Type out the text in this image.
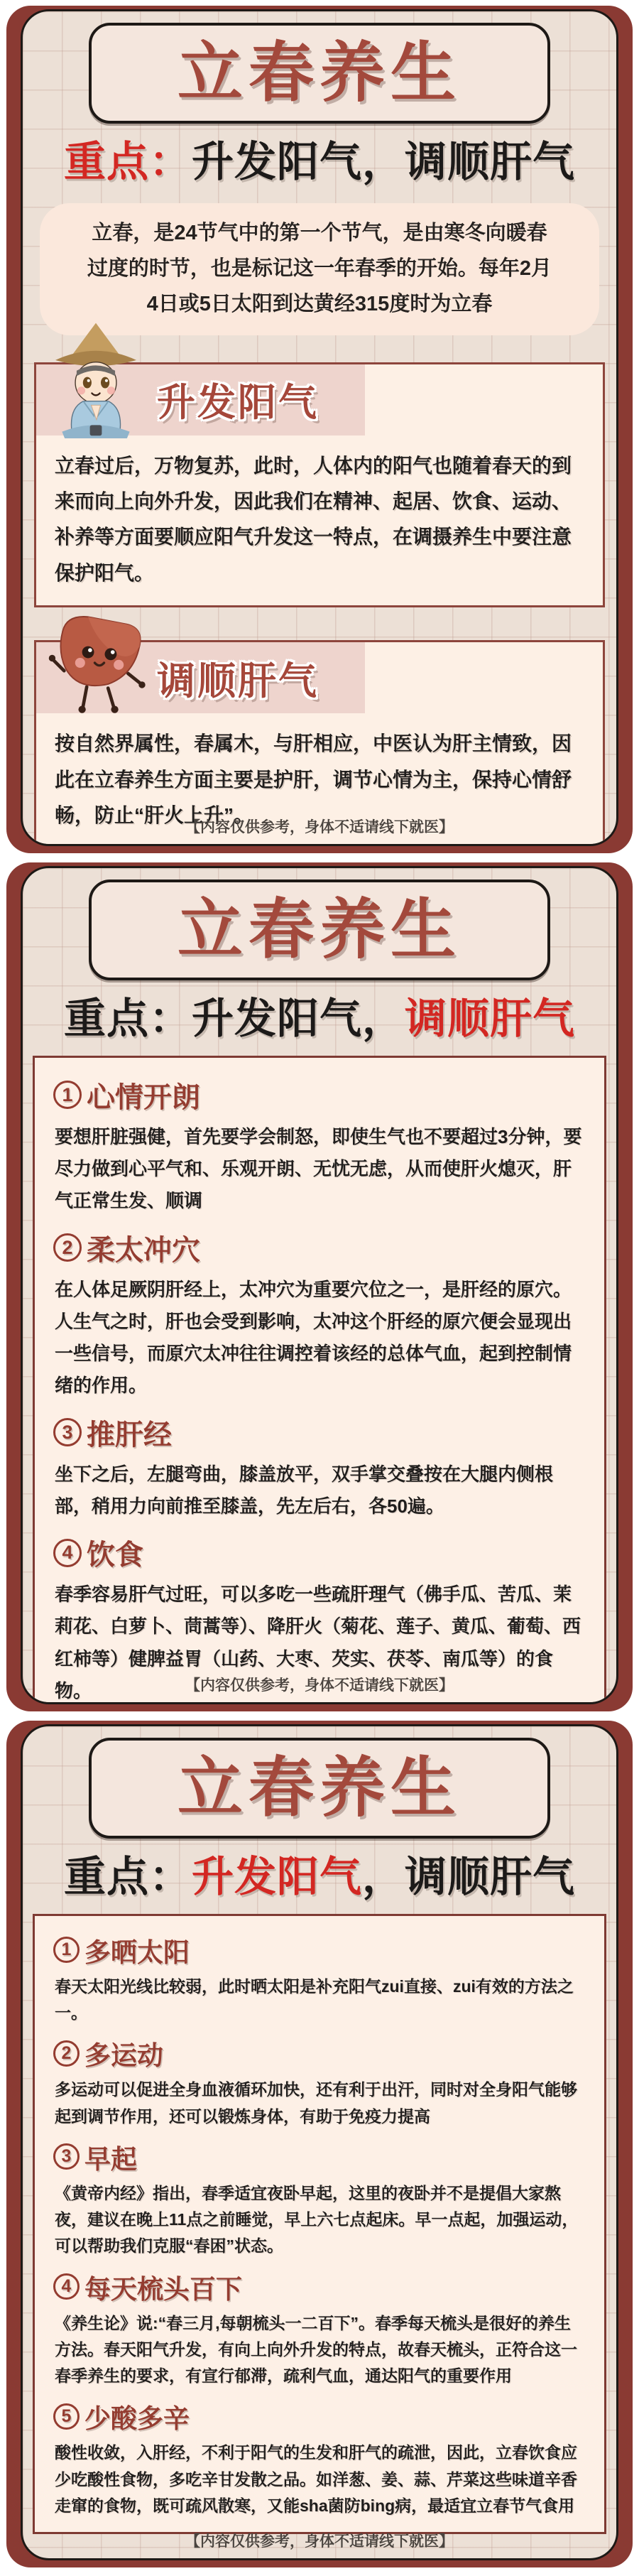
立春养生
重点：升发阳气，调顺肝气

立春，是24节气中的第一个节气，是由寒冬向暖春过度的时节，也是标记这一年春季的开始。每年2月4日或5日太阳到达黄经315度时为立春

升发阳气

立春过后，万物复苏，此时，人体内的阳气也随着春天的到来而向上向外升发，因此我们在精神、起居、饮食、运动、补养等方面要顺应阳气升发这一特点，在调摄养生中要注意保护阳气。

调顺肝气

按自然界属性，春属木，与肝相应，中医认为肝主情致，因此在立春养生方面主要是护肝，调节心情为主，保持心情舒畅，防止“肝火上升”。

【内容仅供参考，身体不适请线下就医】
立春养生
重点：升发阳气，调顺肝气
1 心情开朗

要想肝脏强健，首先要学会制怒，即使生气也不要超过3分钟，要尽力做到心平气和、乐观开朗、无忧无虑，从而使肝火熄灭，肝气正常生发、顺调

2 柔太冲穴

在人体足厥阴肝经上，太冲穴为重要穴位之一，是肝经的原穴。人生气之时，肝也会受到影响，太冲这个肝经的原穴便会显现出一些信号，而原穴太冲往往调控着该经的总体气血，起到控制情绪的作用。

3 推肝经

坐下之后，左腿弯曲，膝盖放平，双手掌交叠按在大腿内侧根部，稍用力向前推至膝盖，先左后右，各50遍。

4 饮食

春季容易肝气过旺，可以多吃一些疏肝理气（佛手瓜、苦瓜、茉莉花、白萝卜、茼蒿等）、降肝火（菊花、莲子、黄瓜、葡萄、西红柿等）健脾益胃（山药、大枣、芡实、茯苓、南瓜等）的食物。	【内容仅供参考，身体不适请线下就医】
立春养生
重点：升发阳气，调顺肝气
1 多晒太阳

春天太阳光线比较弱，此时晒太阳是补充阳气zui直接、zui有效的方法之一。

2 多运动

多运动可以促进全身血液循环加快，还有利于出汗，同时对全身阳气能够起到调节作用，还可以锻炼身体，有助于免疫力提高

3 早起

《黄帝内经》指出，春季适宜夜卧早起，这里的夜卧并不是提倡大家熬夜，建议在晚上11点之前睡觉，早上六七点起床。早一点起，加强运动，可以帮助我们克服“春困”状态。

4 每天梳头百下

《养生论》说:“春三月,每朝梳头一二百下”。春季每天梳头是很好的养生方法。春天阳气升发，有向上向外升发的特点，故春天梳头，正符合这一春季养生的要求，有宣行郁滞，疏利气血，通达阳气的重要作用

5 少酸多辛

酸性收敛，入肝经，不利于阳气的生发和肝气的疏泄，因此，立春饮食应少吃酸性食物，多吃辛甘发散之品。如洋葱、姜、蒜、芹菜这些味道辛香走窜的食物，既可疏风散寒，又能sha菌防bing病，最适宜立春节气食用

【内容仅供参考，身体不适请线下就医】
